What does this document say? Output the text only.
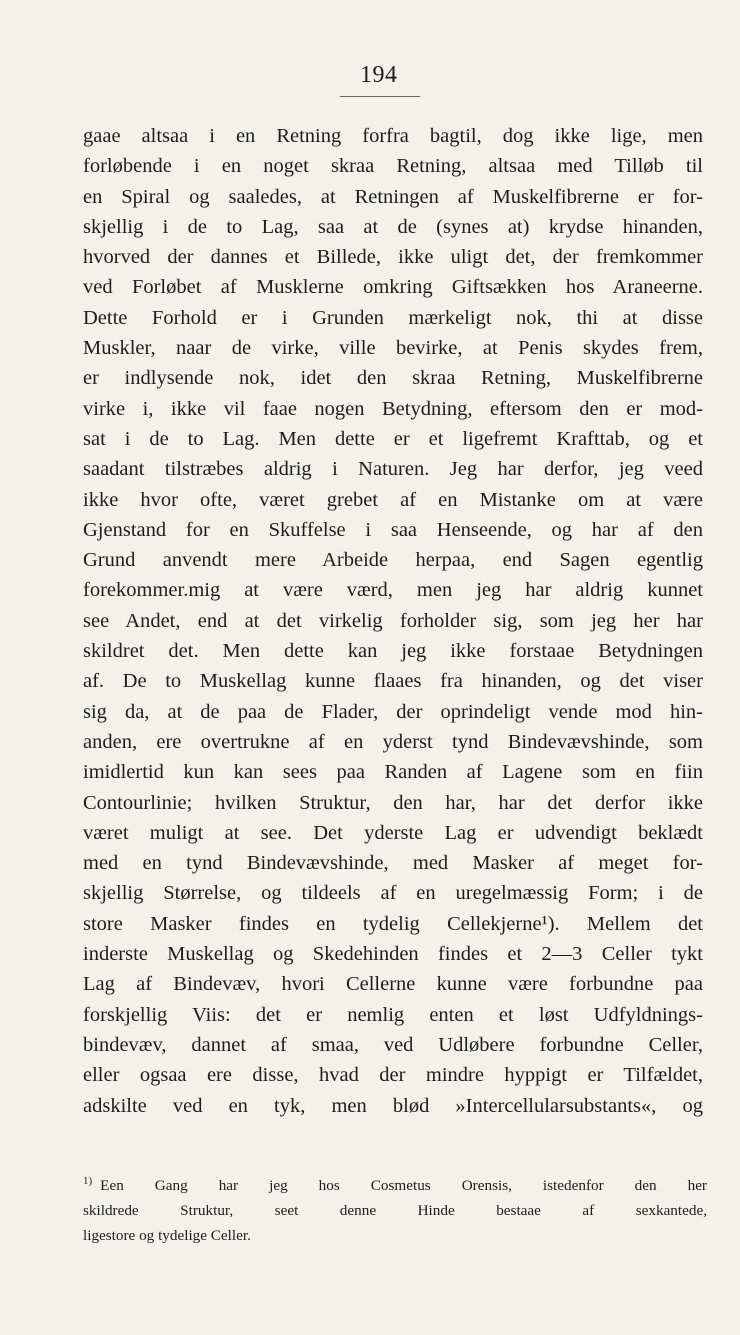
194
gaae altsaa i en Retning forfra bagtil, dog ikke lige, men
forløbende i en noget skraa Retning, altsaa med Tilløb til
en Spiral og saaledes, at Retningen af Muskelfibrerne er for-
skjellig i de to Lag, saa at de (synes at) krydse hinanden,
hvorved der dannes et Billede, ikke uligt det, der fremkommer
ved Forløbet af Musklerne omkring Giftsækken hos Araneerne.
Dette Forhold er i Grunden mærkeligt nok, thi at disse
Muskler, naar de virke, ville bevirke, at Penis skydes frem,
er indlysende nok, idet den skraa Retning, Muskelfibrerne
virke i, ikke vil faae nogen Betydning, eftersom den er mod-
sat i de to Lag. Men dette er et ligefremt Krafttab, og et
saadant tilstræbes aldrig i Naturen. Jeg har derfor, jeg veed
ikke hvor ofte, været grebet af en Mistanke om at være
Gjenstand for en Skuffelse i saa Henseende, og har af den
Grund anvendt mere Arbeide herpaa, end Sagen egentlig
forekommer.mig at være værd, men jeg har aldrig kunnet
see Andet, end at det virkelig forholder sig, som jeg her har
skildret det. Men dette kan jeg ikke forstaae Betydningen
af. De to Muskellag kunne flaaes fra hinanden, og det viser
sig da, at de paa de Flader, der oprindeligt vende mod hin-
anden, ere overtrukne af en yderst tynd Bindevævshinde, som
imidlertid kun kan sees paa Randen af Lagene som en fiin
Contourlinie; hvilken Struktur, den har, har det derfor ikke
været muligt at see. Det yderste Lag er udvendigt beklædt
med en tynd Bindevævshinde, med Masker af meget for-
skjellig Størrelse, og tildeels af en uregelmæssig Form; i de
store Masker findes en tydelig Cellekjerne¹). Mellem det
inderste Muskellag og Skedehinden findes et 2—3 Celler tykt
Lag af Bindevæv, hvori Cellerne kunne være forbundne paa
forskjellig Viis: det er nemlig enten et løst Udfyldnings-
bindevæv, dannet af smaa, ved Udløbere forbundne Celler,
eller ogsaa ere disse, hvad der mindre hyppigt er Tilfældet,
adskilte ved en tyk, men blød »Intercellularsubstants«, og
$^{1)}$ Een Gang har jeg hos Cosmetus Orensis, istedenfor den her
skildrede Struktur, seet denne Hinde bestaae af sexkantede,
ligestore og tydelige Celler.
